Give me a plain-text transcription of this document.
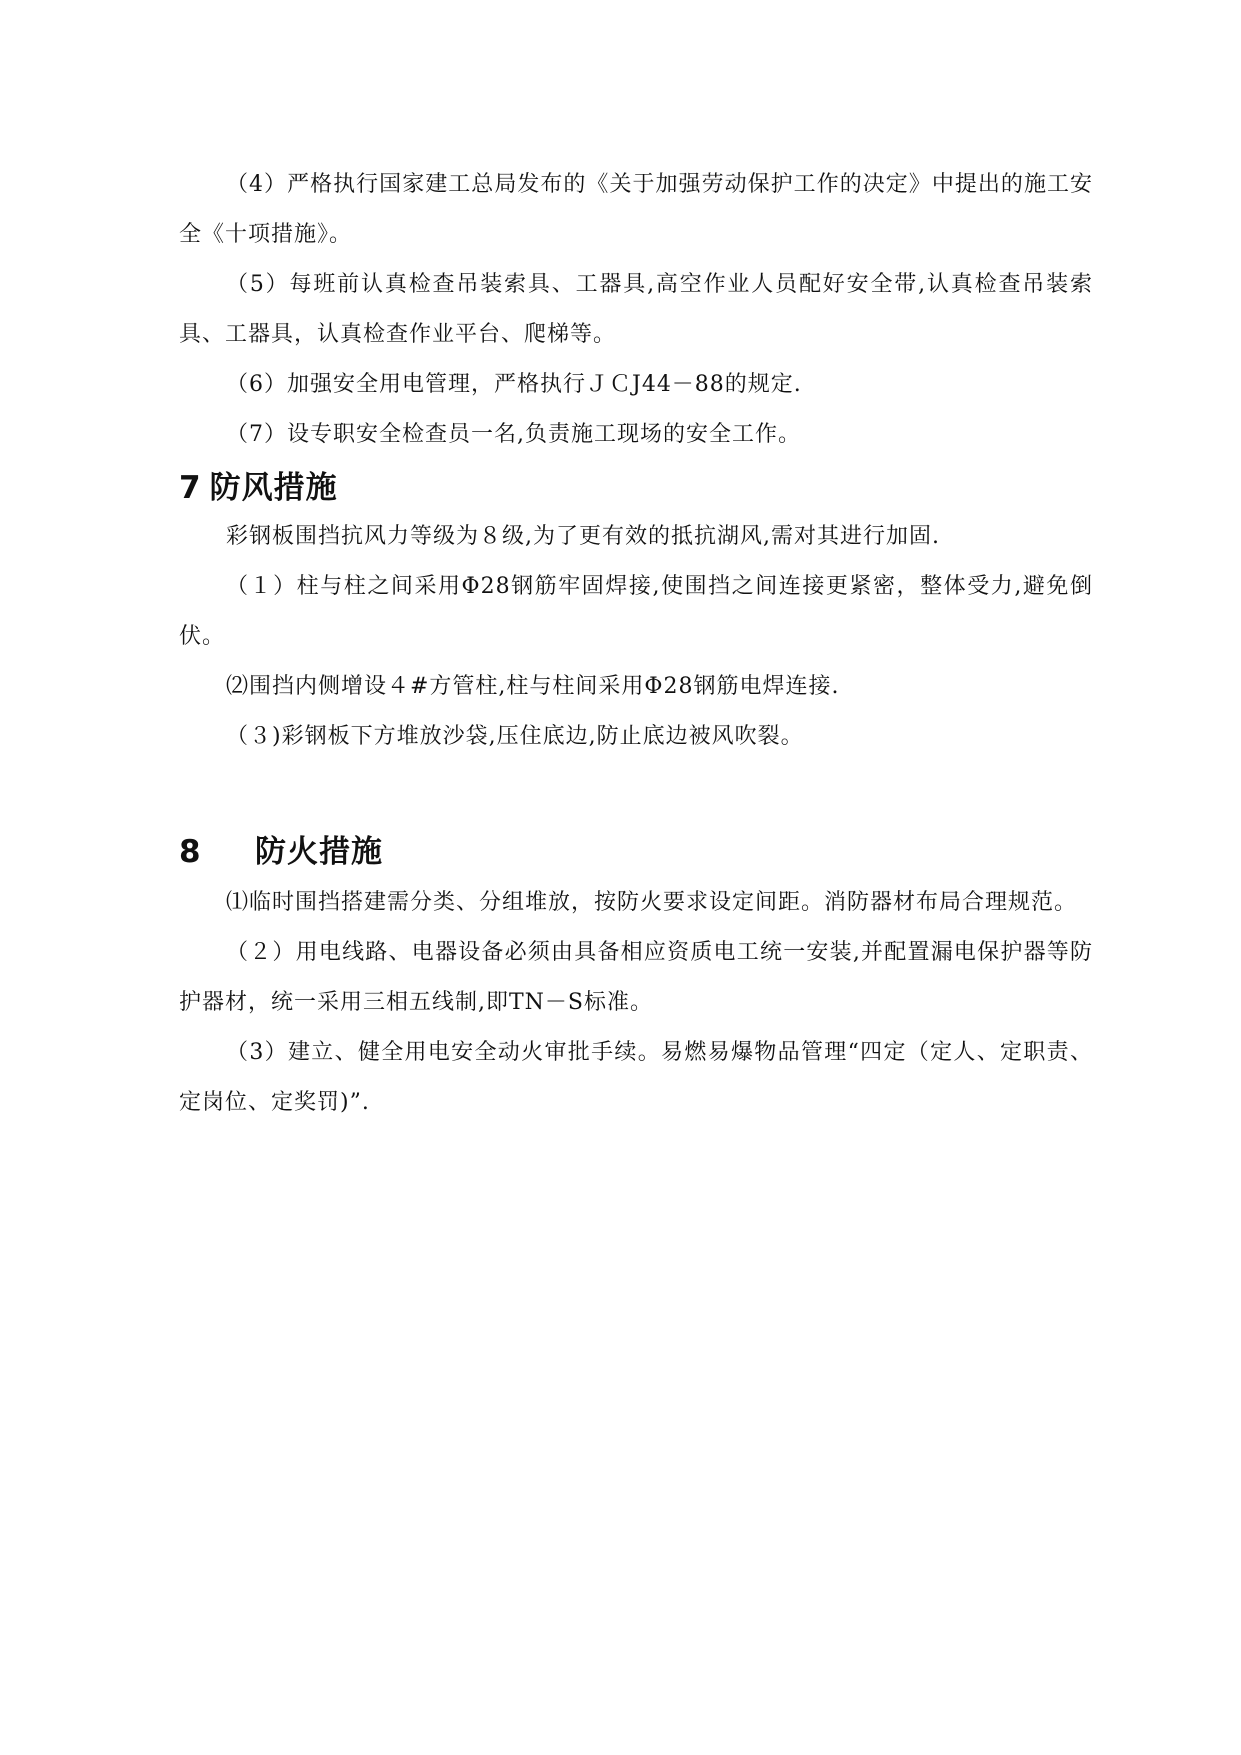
（4）严格执行国家建工总局发布的《关于加强劳动保护工作的决定》中提出的施工安全《十项措施》。

（5）每班前认真检查吊装索具、工器具,高空作业人员配好安全带,认真检查吊装索具、工器具，认真检查作业平台、爬梯等。

（6）加强安全用电管理，严格执行ＪＣJ44－88的规定.

（7）设专职安全检查员一名,负责施工现场的安全工作。

7 防风措施

彩钢板围挡抗风力等级为８级,为了更有效的抵抗湖风,需对其进行加固.

（１）柱与柱之间采用Φ28钢筋牢固焊接,使围挡之间连接更紧密，整体受力,避免倒伏。

⑵围挡内侧增设４#方管柱,柱与柱间采用Φ28钢筋电焊连接.

（３)彩钢板下方堆放沙袋,压住底边,防止底边被风吹裂。

8 防火措施

⑴临时围挡搭建需分类、分组堆放，按防火要求设定间距。消防器材布局合理规范。

（２）用电线路、电器设备必须由具备相应资质电工统一安装,并配置漏电保护器等防护器材，统一采用三相五线制,即TN－S标准。

（3）建立、健全用电安全动火审批手续。易燃易爆物品管理“四定（定人、定职责、定岗位、定奖罚)”.
